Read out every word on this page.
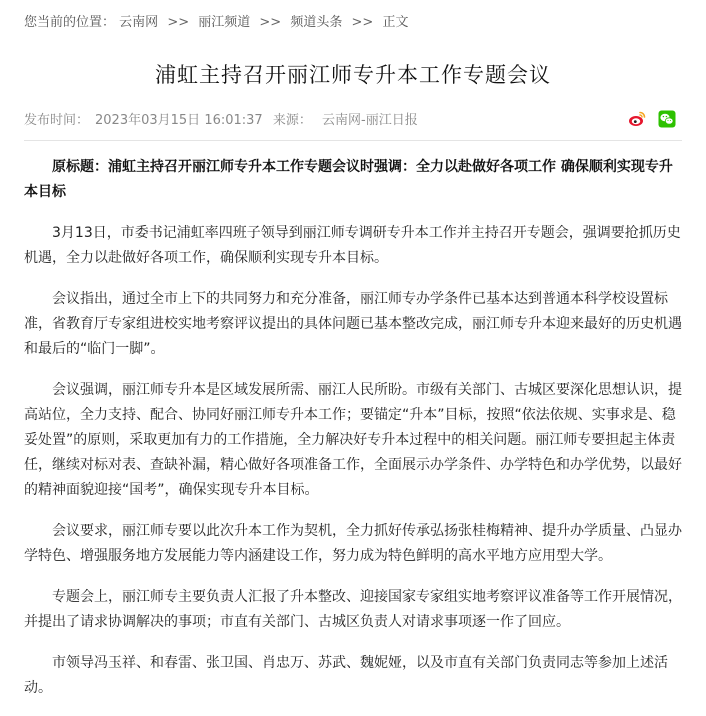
您当前的位置： 云南网 >> 丽江频道 >> 频道头条 >> 正文
浦虹主持召开丽江师专升本工作专题会议
发布时间： 2023年03月15日 16:01:37 来源： 云南网-丽江日报

原标题：浦虹主持召开丽江师专升本工作专题会议时强调：全力以赴做好各项工作 确保顺利实现专升本目标

3月13日，市委书记浦虹率四班子领导到丽江师专调研专升本工作并主持召开专题会，强调要抢抓历史机遇，全力以赴做好各项工作，确保顺利实现专升本目标。

会议指出，通过全市上下的共同努力和充分准备，丽江师专办学条件已基本达到普通本科学校设置标准，省教育厅专家组进校实地考察评议提出的具体问题已基本整改完成，丽江师专升本迎来最好的历史机遇和最后的“临门一脚”。

会议强调，丽江师专升本是区域发展所需、丽江人民所盼。市级有关部门、古城区要深化思想认识，提高站位，全力支持、配合、协同好丽江师专升本工作；要锚定“升本”目标，按照“依法依规、实事求是、稳妥处置”的原则，采取更加有力的工作措施，全力解决好专升本过程中的相关问题。丽江师专要担起主体责任，继续对标对表、查缺补漏，精心做好各项准备工作，全面展示办学条件、办学特色和办学优势，以最好的精神面貌迎接“国考”，确保实现专升本目标。

会议要求，丽江师专要以此次升本工作为契机，全力抓好传承弘扬张桂梅精神、提升办学质量、凸显办学特色、增强服务地方发展能力等内涵建设工作，努力成为特色鲜明的高水平地方应用型大学。

专题会上，丽江师专主要负责人汇报了升本整改、迎接国家专家组实地考察评议准备等工作开展情况，并提出了请求协调解决的事项；市直有关部门、古城区负责人对请求事项逐一作了回应。

市领导冯玉祥、和春雷、张卫国、肖忠万、苏武、魏妮娅，以及市直有关部门负责同志等参加上述活动。
